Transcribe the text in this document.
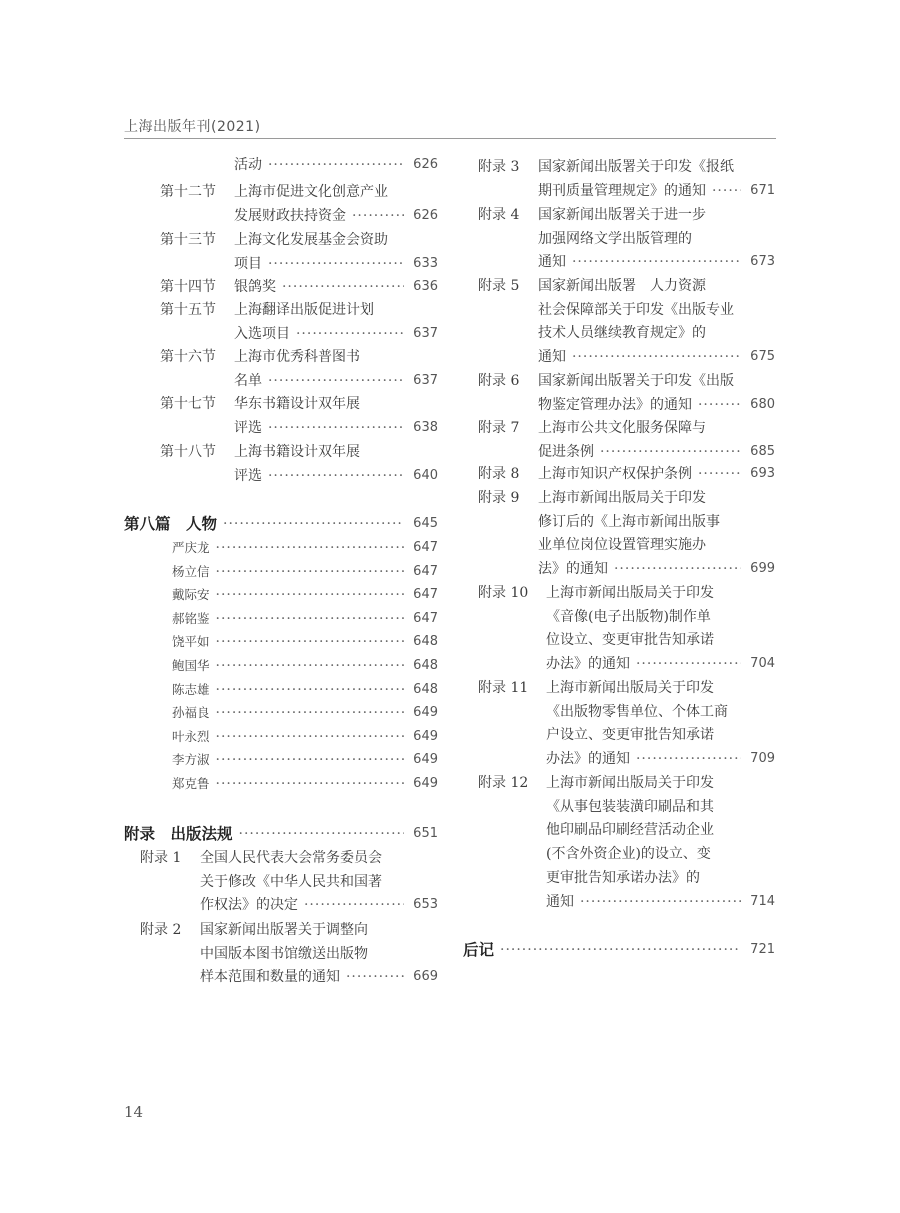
上海出版年刊(2021)
活动 ·····	626
第十二节 上海市促进文化创意产业
发展财政扶持资金 ·····	626
第十三节 上海文化发展基金会资助
项目 ·····	633
第十四节 银鸽奖 ·····	636
第十五节 上海翻译出版促进计划
入选项目 ·····	637
第十六节 上海市优秀科普图书
名单 ·····	637
第十七节 华东书籍设计双年展
评选 ·····	638
第十八节 上海书籍设计双年展
评选 ·····	640
第八篇　人物 ·····	645
严庆龙 ·····	647
杨立信 ·····	647
戴际安 ·····	647
郝铭鉴 ·····	647
饶平如 ·····	648
鲍国华 ·····	648
陈志雄 ·····	648
孙福良 ·····	649
叶永烈 ·····	649
李方淑 ·····	649
郑克鲁 ·····	649
附录　出版法规 ·····	651
附录 1 全国人民代表大会常务委员会
关于修改《中华人民共和国著
作权法》的决定 ·····	653
附录 2 国家新闻出版署关于调整向
中国版本图书馆缴送出版物
样本范围和数量的通知 ·····	669
附录 3 国家新闻出版署关于印发《报纸
期刊质量管理规定》的通知 ·····	671
附录 4 国家新闻出版署关于进一步
加强网络文学出版管理的
通知 ·····	673
附录 5 国家新闻出版署　人力资源
社会保障部关于印发《出版专业
技术人员继续教育规定》的
通知 ·····	675
附录 6 国家新闻出版署关于印发《出版
物鉴定管理办法》的通知 ·····	680
附录 7 上海市公共文化服务保障与
促进条例 ·····	685
附录 8 上海市知识产权保护条例 ·····	693
附录 9 上海市新闻出版局关于印发
修订后的《上海市新闻出版事
业单位岗位设置管理实施办
法》的通知 ·····	699
附录 10 上海市新闻出版局关于印发
《音像(电子出版物)制作单
位设立、变更审批告知承诺
办法》的通知 ·····	704
附录 11 上海市新闻出版局关于印发
《出版物零售单位、个体工商
户设立、变更审批告知承诺
办法》的通知 ·····	709
附录 12 上海市新闻出版局关于印发
《从事包装装潢印刷品和其
他印刷品印刷经营活动企业
(不含外资企业)的设立、变
更审批告知承诺办法》的
通知 ·····	714
后记 ·····	721
14
